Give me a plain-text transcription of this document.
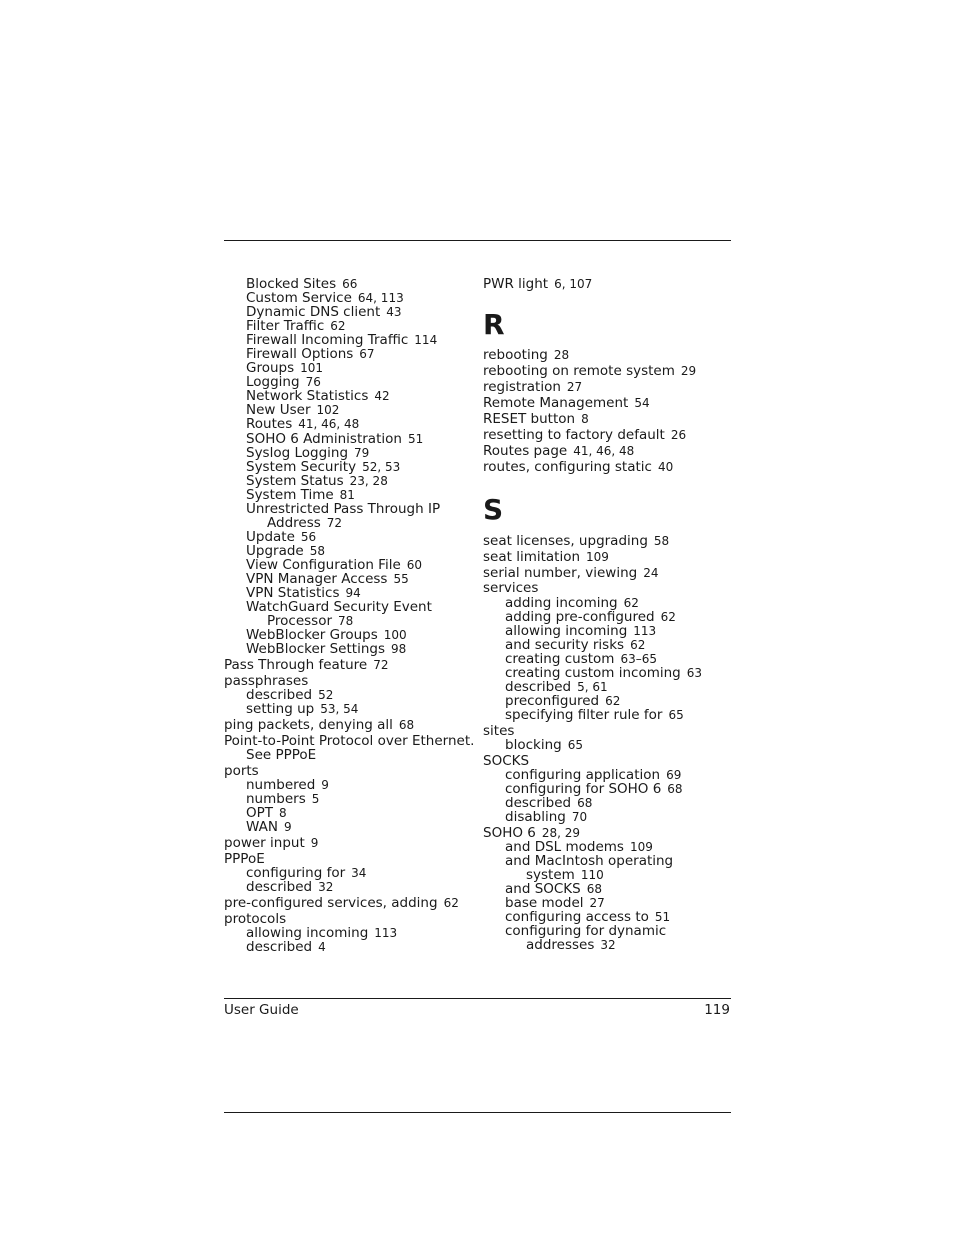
Blocked Sites 66
Custom Service 64, 113
Dynamic DNS client 43
Filter Traffic 62
Firewall Incoming Traffic 114
Firewall Options 67
Groups 101
Logging 76
Network Statistics 42
New User 102
Routes 41, 46, 48
SOHO 6 Administration 51
Syslog Logging 79
System Security 52, 53
System Status 23, 28
System Time 81
Unrestricted Pass Through IP
Address 72
Update 56
Upgrade 58
View Configuration File 60
VPN Manager Access 55
VPN Statistics 94
WatchGuard Security Event
Processor 78
WebBlocker Groups 100
WebBlocker Settings 98
Pass Through feature 72
passphrases
described 52
setting up 53, 54
ping packets, denying all 68
Point-to-Point Protocol over Ethernet.
See PPPoE
ports
numbered 9
numbers 5
OPT 8
WAN 9
power input 9
PPPoE
configuring for 34
described 32
pre-configured services, adding 62
protocols
allowing incoming 113
described 4
PWR light 6, 107
R
rebooting 28
rebooting on remote system 29
registration 27
Remote Management 54
RESET button 8
resetting to factory default 26
Routes page 41, 46, 48
routes, configuring static 40
S
seat licenses, upgrading 58
seat limitation 109
serial number, viewing 24
services
adding incoming 62
adding pre-configured 62
allowing incoming 113
and security risks 62
creating custom 63–65
creating custom incoming 63
described 5, 61
preconfigured 62
specifying filter rule for 65
sites
blocking 65
SOCKS
configuring application 69
configuring for SOHO 6 68
described 68
disabling 70
SOHO 6 28, 29
and DSL modems 109
and MacIntosh operating
system 110
and SOCKS 68
base model 27
configuring access to 51
configuring for dynamic
addresses 32
User Guide	119
